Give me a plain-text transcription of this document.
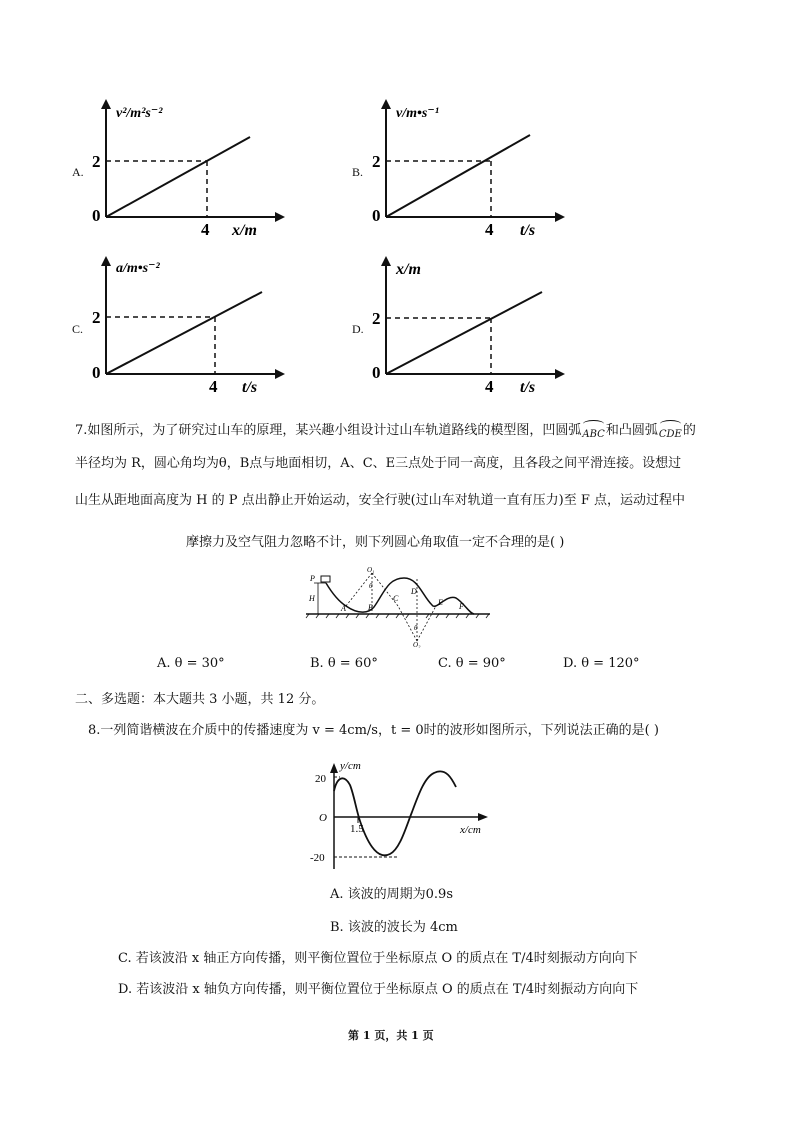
A.
0
2
4
v²/m²s⁻²
x/m
B.
0
2
4
v/m•s⁻¹
t/s
C.
0
2
4
a/m•s⁻²
t/s
D.
0
2
4
x/m
t/s
7.如图所示，为了研究过山车的原理，某兴趣小组设计过山车轨道路线的模型图，凹圆弧
ABC和凸圆弧
CDE的
半径均为 R，圆心角均为θ，B点与地面相切，A、C、E三点处于同一高度，且各段之间平滑连接。设想过
山生从距地面高度为 H 的 P 点出静止开始运动，安全行驶(过山车对轨道一直有压力)至 F 点，运动过程中
摩擦力及空气阻力忽略不计，则下列圆心角取值一定不合理的是( )
P
H
A	B
C
D
E F
O₁
O₂
θ
θ
A. θ = 30°	B. θ = 60°	C. θ = 90°	D. θ = 120°
二、多选题：本大题共 3 小题，共 12 分。
8.一列简谐横波在介质中的传播速度为 v = 4cm/s，t = 0时的波形如图所示，下列说法正确的是( )
y/cm
x/cm
20
-20
O
1.5
A. 该波的周期为0.9s
B. 该波的波长为 4cm
C. 若该波沿 x 轴正方向传播，则平衡位置位于坐标原点 O 的质点在 T/4时刻振动方向向下
D. 若该波沿 x 轴负方向传播，则平衡位置位于坐标原点 O 的质点在 T/4时刻振动方向向下
第 1 页，共 1 页
